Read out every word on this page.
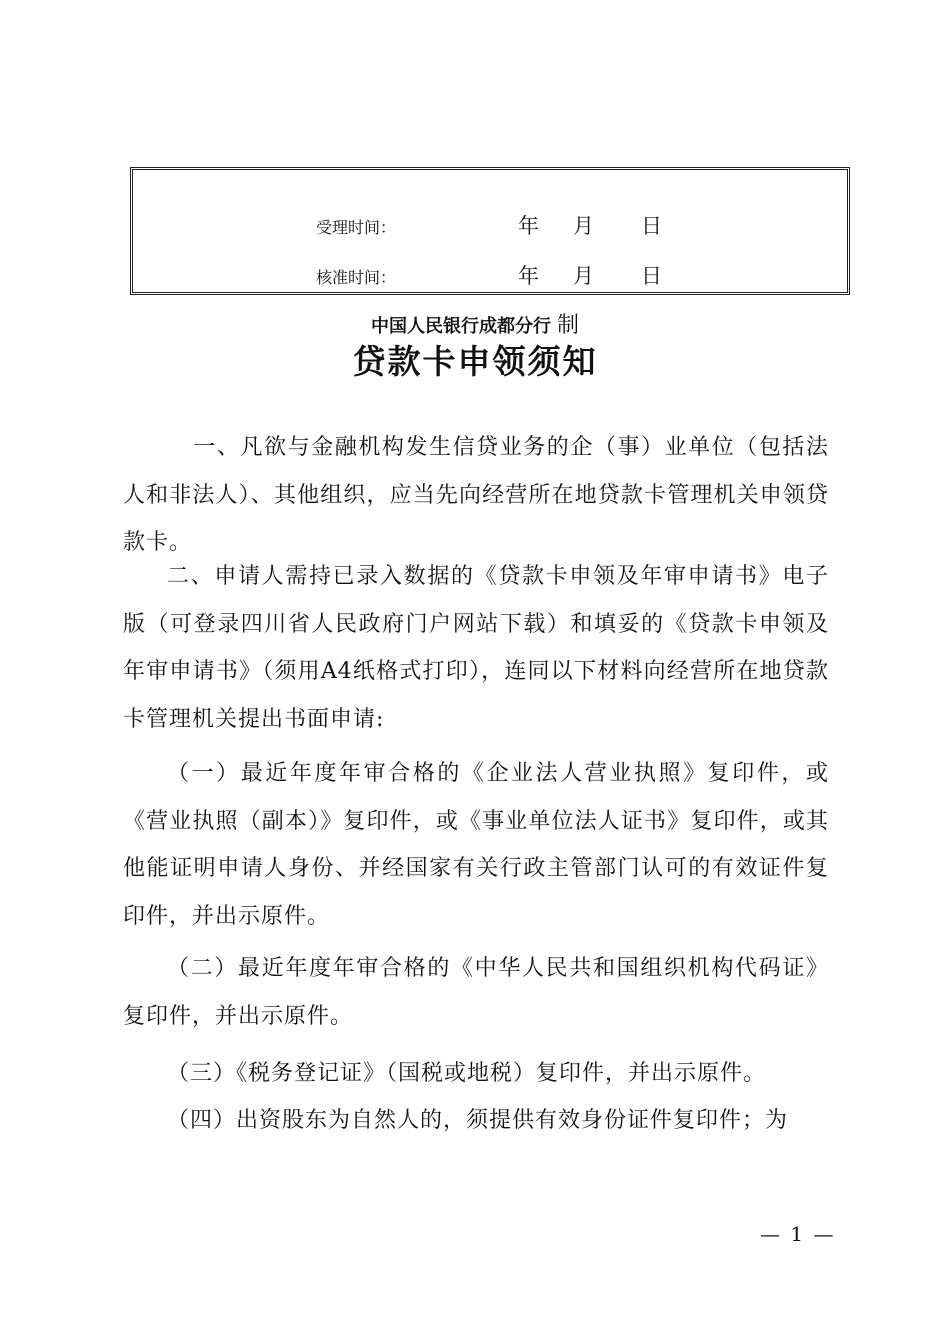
受理时间：	年 月 日
核准时间：	年 月 日
中国人民银行成都分行 制
贷款卡申领须知

一、凡欲与金融机构发生信贷业务的企（事）业单位（包括法人和非法人）、其他组织，应当先向经营所在地贷款卡管理机关申领贷款卡。

二、申请人需持已录入数据的《贷款卡申领及年审申请书》电子版（可登录四川省人民政府门户网站下载）和填妥的《贷款卡申领及年审申请书》（须用A4纸格式打印），连同以下材料向经营所在地贷款卡管理机关提出书面申请:

（一）最近年度年审合格的《企业法人营业执照》复印件，或《营业执照（副本）》复印件，或《事业单位法人证书》复印件，或其他能证明申请人身份、并经国家有关行政主管部门认可的有效证件复印件，并出示原件。

（二）最近年度年审合格的《中华人民共和国组织机构代码证》复印件，并出示原件。

（三）《税务登记证》（国税或地税）复印件，并出示原件。

（四）出资股东为自然人的，须提供有效身份证件复印件；为

— 1 —
